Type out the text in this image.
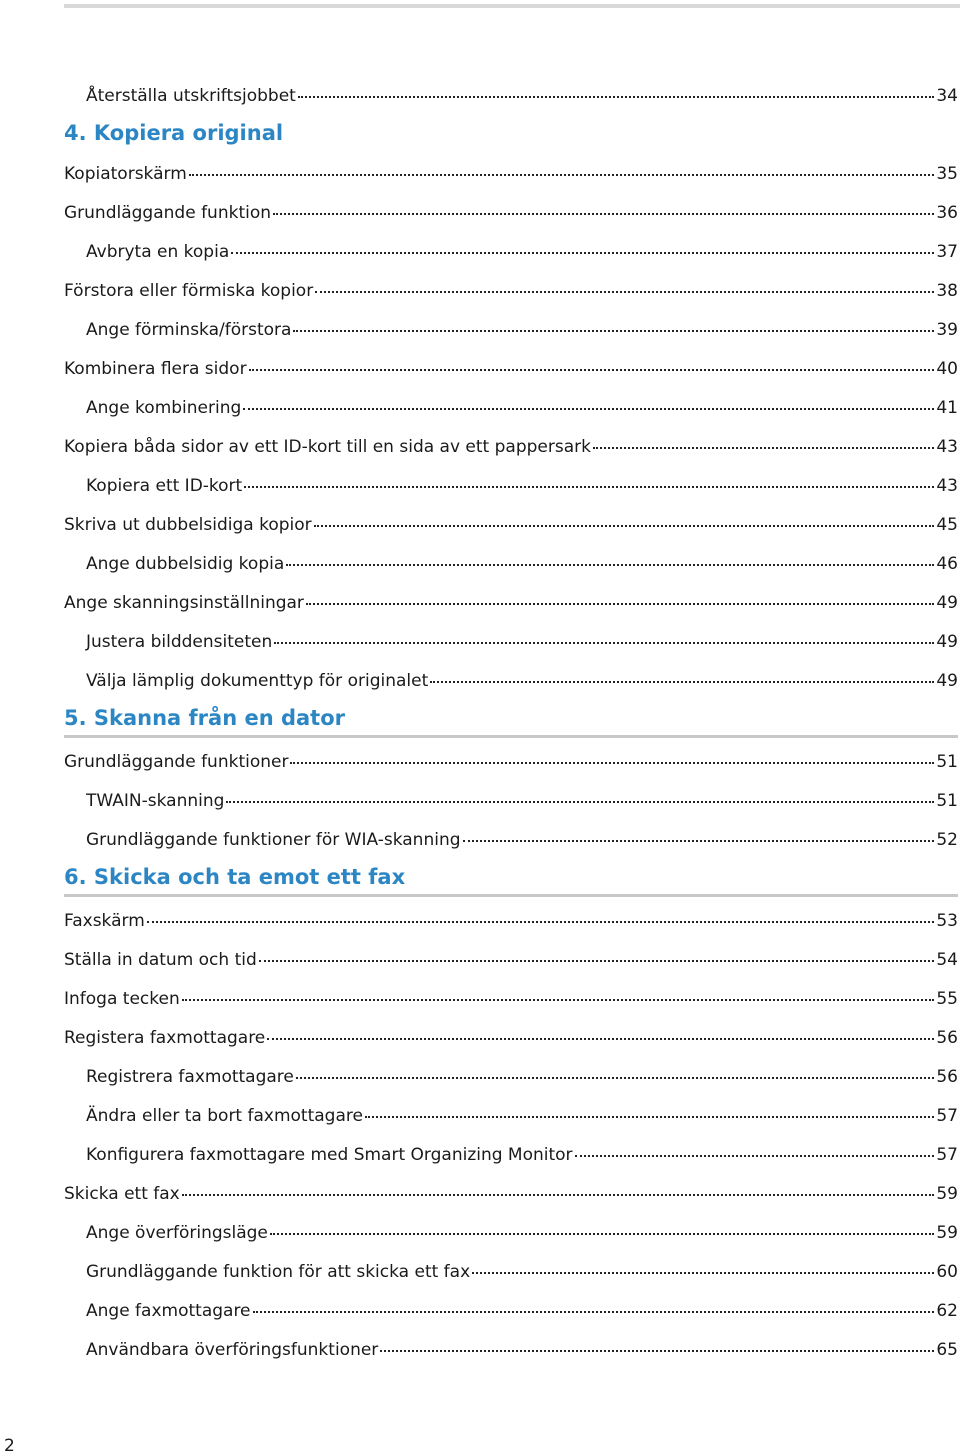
Återställa utskriftsjobbet	34
4. Kopiera original
Kopiatorskärm	35
Grundläggande funktion	36
Avbryta en kopia	37
Förstora eller förmiska kopior	38
Ange förminska/förstora	39
Kombinera flera sidor	40
Ange kombinering	41
Kopiera båda sidor av ett ID-kort till en sida av ett pappersark	43
Kopiera ett ID-kort	43
Skriva ut dubbelsidiga kopior	45
Ange dubbelsidig kopia	46
Ange skanningsinställningar	49
Justera bilddensiteten	49
Välja lämplig dokumenttyp för originalet	49
5. Skanna från en dator
Grundläggande funktioner	51
TWAIN-skanning	51
Grundläggande funktioner för WIA-skanning	52
6. Skicka och ta emot ett fax
Faxskärm	53
Ställa in datum och tid	54
Infoga tecken	55
Registera faxmottagare	56
Registrera faxmottagare	56
Ändra eller ta bort faxmottagare	57
Konfigurera faxmottagare med Smart Organizing Monitor	57
Skicka ett fax	59
Ange överföringsläge	59
Grundläggande funktion för att skicka ett fax	60
Ange faxmottagare	62
Användbara överföringsfunktioner	65
2
